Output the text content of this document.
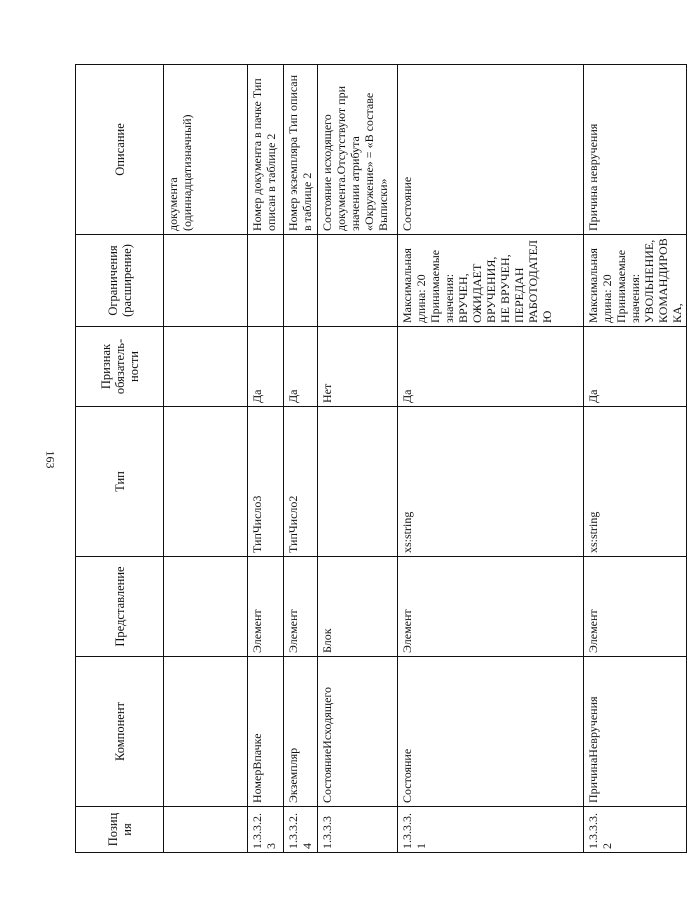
163
Позиция	Компонент	Представление	Тип	Признак обязатель-ности	Ограничения (расширение)	Описание
						документа (одиннадцатизначный)
1.3.3.2.3	НомерВпачке	Элемент	ТипЧисло3	Да		Номер документа в пачке Тип описан в таблице 2
1.3.3.2.4	Экземпляр	Элемент	ТипЧисло2	Да		Номер экземпляра Тип описан в таблице 2
1.3.3.3	СостояниеИсходящего	Блок		Нет		Состояние исходящего документа.Отсутствуют при значении атрибута «Окружение» = «В составе Выписки»
1.3.3.3.1	Состояние	Элемент	xs:string	Да	Максимальная длина: 20 Принимаемые значения: ВРУЧЕН, ОЖИДАЕТ ВРУЧЕНИЯ, НЕ ВРУЧЕН, ПЕРЕДАН РАБОТОДАТЕЛЮ	Состояние
1.3.3.3.2	ПричинаНевручения	Элемент	xs:string	Да	Максимальная длина: 20 Принимаемые значения: УВОЛЬНЕНИЕ, КОМАНДИРОВКА,	Причина невручения
